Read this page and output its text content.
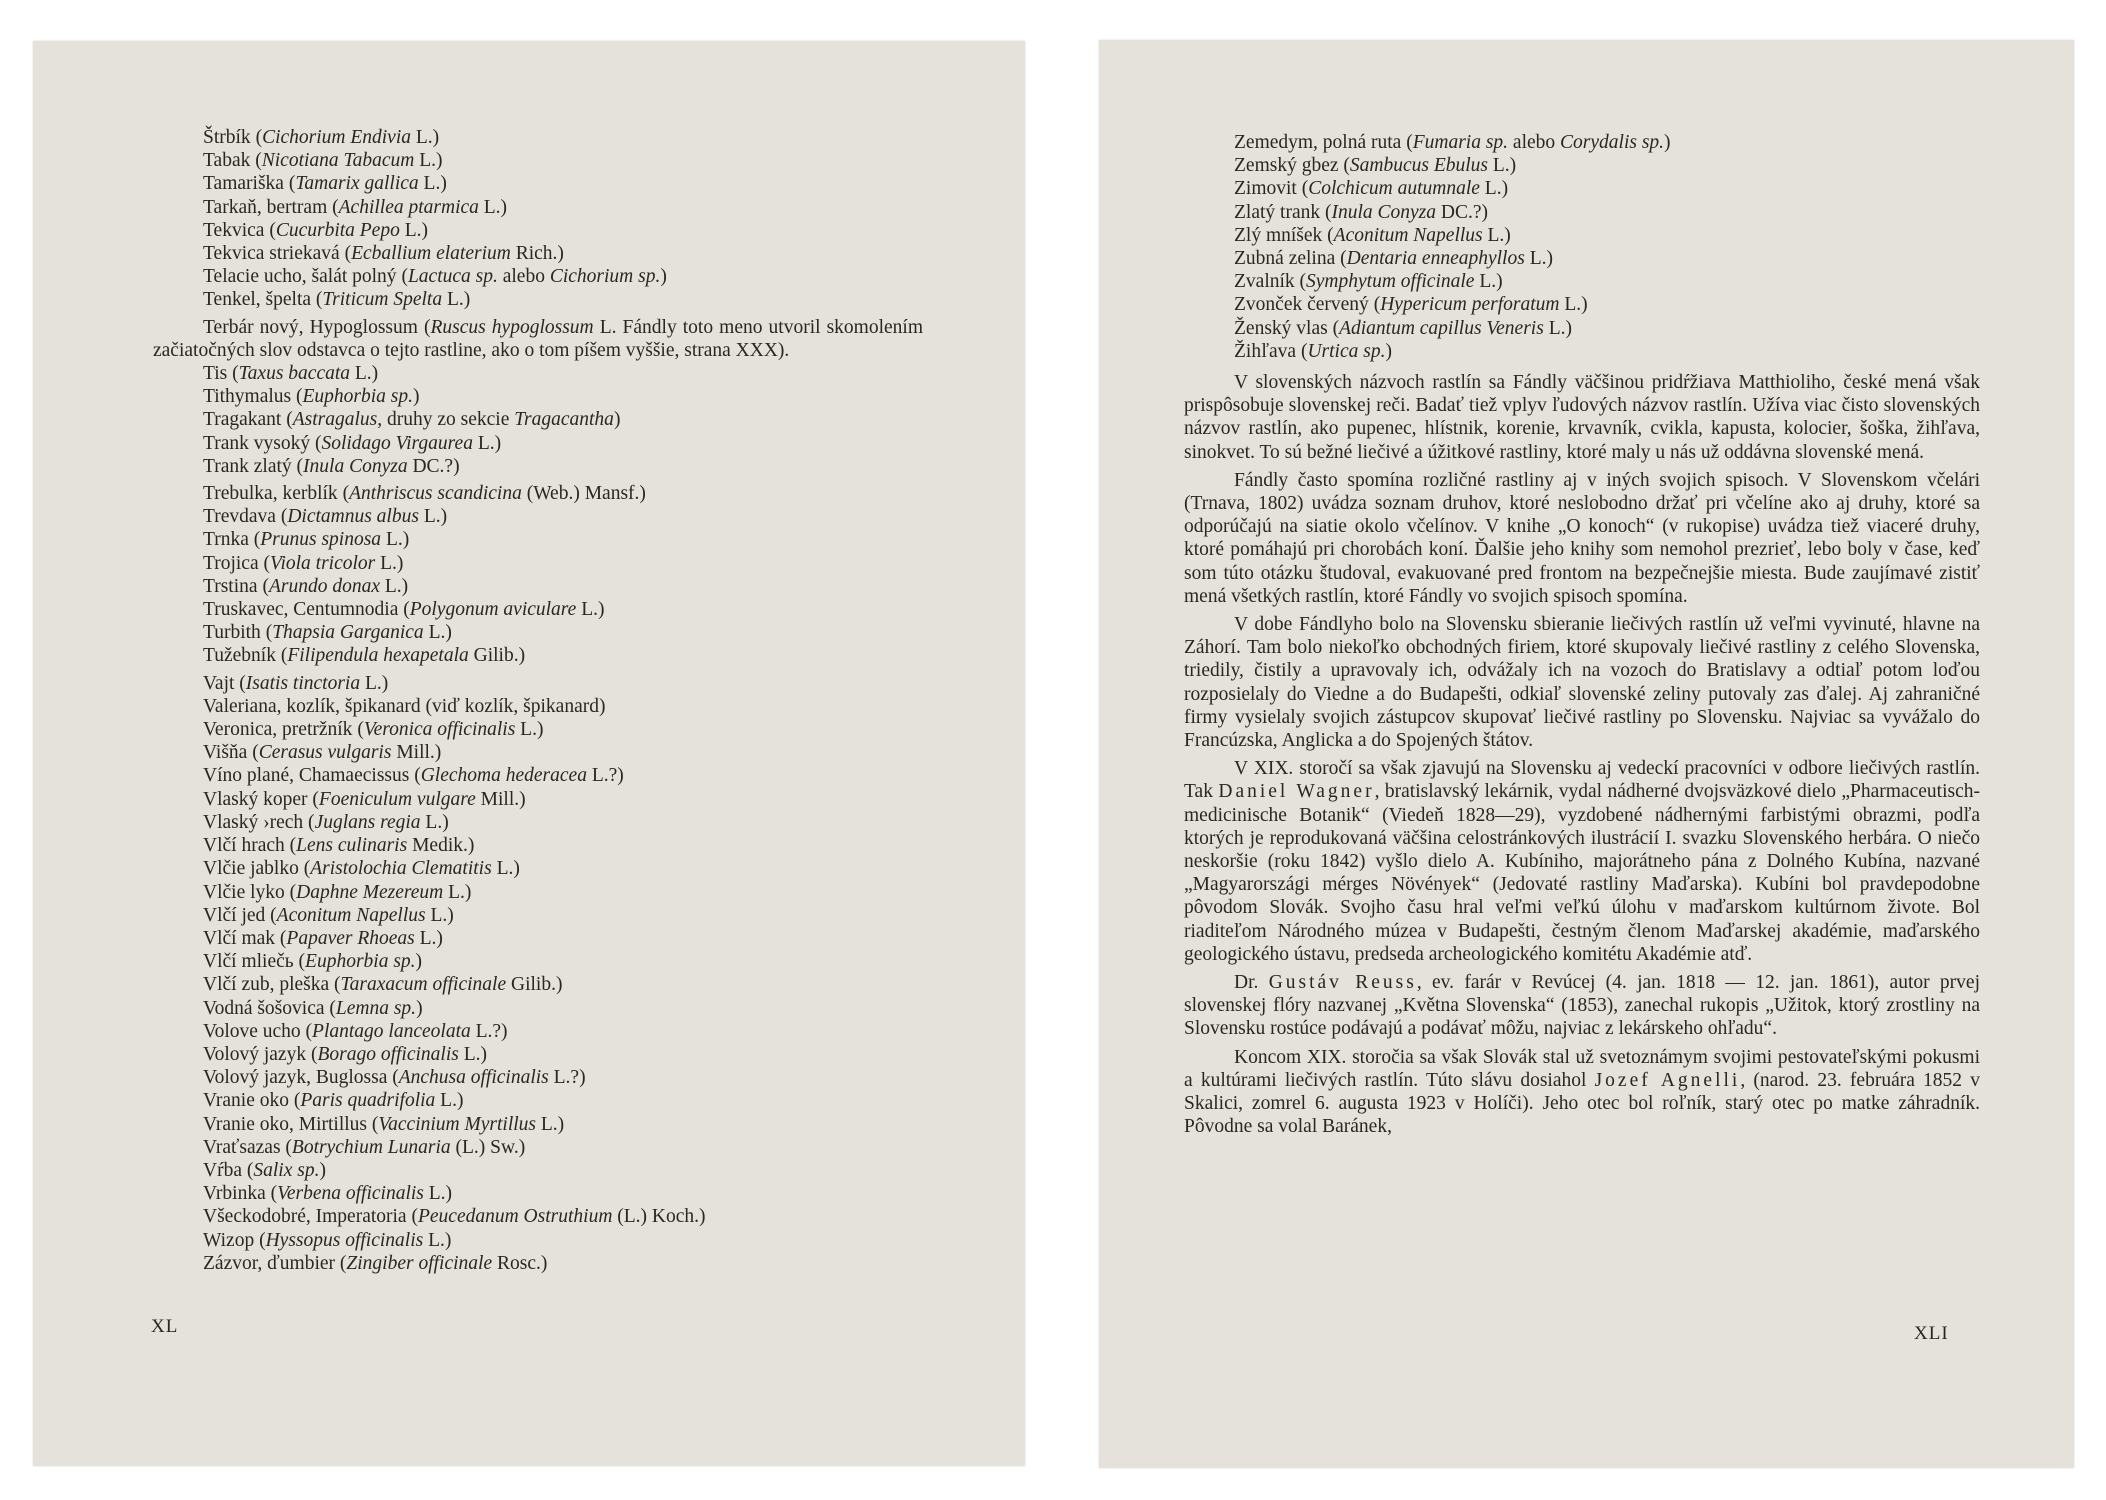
Štrbík (Cichorium Endivia L.)
Tabak (Nicotiana Tabacum L.)
Tamariška (Tamarix gallica L.)
Tarkaň, bertram (Achillea ptarmica L.)
Tekvica (Cucurbita Pepo L.)
Tekvica striekavá (Ecballium elaterium Rich.)
Telacie ucho, šalát polný (Lactuca sp. alebo Cichorium sp.)
Tenkel, špelta (Triticum Spelta L.)
Terbár nový, Hypoglossum (Ruscus hypoglossum L. Fándly toto meno utvoril skomolením začiatočných slov odstavca o tejto rastline, ako o tom píšem vyššie, strana XXX).
Tis (Taxus baccata L.)
Tithymalus (Euphorbia sp.)
Tragakant (Astragalus, druhy zo sekcie Tragacantha)
Trank vysoký (Solidago Virgaurea L.)
Trank zlatý (Inula Conyza DC.?)
Trebulka, kerblík (Anthriscus scandicina (Web.) Mansf.)
Trevdava (Dictamnus albus L.)
Trnka (Prunus spinosa L.)
Trojica (Viola tricolor L.)
Trstina (Arundo donax L.)
Truskavec, Centumnodia (Polygonum aviculare L.)
Turbith (Thapsia Garganica L.)
Tužebník (Filipendula hexapetala Gilib.)
Vajt (Isatis tinctoria L.)
Valeriana, kozlík, špikanard (viď kozlík, špikanard)
Veronica, pretržník (Veronica officinalis L.)
Višňa (Cerasus vulgaris Mill.)
Víno plané, Chamaecissus (Glechoma hederacea L.?)
Vlaský koper (Foeniculum vulgare Mill.)
Vlaský ›rech (Juglans regia L.)
Vlčí hrach (Lens culinaris Medik.)
Vlčie jablko (Aristolochia Clematitis L.)
Vlčie lyko (Daphne Mezereum L.)
Vlčí jed (Aconitum Napellus L.)
Vlčí mak (Papaver Rhoeas L.)
Vlčí mliečь (Euphorbia sp.)
Vlčí zub, pleška (Taraxacum officinale Gilib.)
Vodná šošovica (Lemna sp.)
Volove ucho (Plantago lanceolata L.?)
Volový jazyk (Borago officinalis L.)
Volový jazyk, Buglossa (Anchusa officinalis L.?)
Vranie oko (Paris quadrifolia L.)
Vranie oko, Mirtillus (Vaccinium Myrtillus L.)
Vraťsazas (Botrychium Lunaria (L.) Sw.)
Vŕba (Salix sp.)
Vrbinka (Verbena officinalis L.)
Všeckodobré, Imperatoria (Peucedanum Ostruthium (L.) Koch.)
Wizop (Hyssopus officinalis L.)
Zázvor, ďumbier (Zingiber officinale Rosc.)
XL
Zemedym, polná ruta (Fumaria sp. alebo Corydalis sp.)
Zemský gbez (Sambucus Ebulus L.)
Zimovit (Colchicum autumnale L.)
Zlatý trank (Inula Conyza DC.?)
Zlý mníšek (Aconitum Napellus L.)
Zubná zelina (Dentaria enneaphyllos L.)
Zvalník (Symphytum officinale L.)
Zvonček červený (Hypericum perforatum L.)
Ženský vlas (Adiantum capillus Veneris L.)
Žihľava (Urtica sp.)

V slovenských názvoch rastlín sa Fándly väčšinou pridŕžiava Matthioliho, české mená však prispôsobuje slovenskej reči. Badať tiež vplyv ľudových názvov rastlín. Užíva viac čisto slovenských názvov rastlín, ako pupenec, hlístnik, korenie, krvavník, cvikla, kapusta, kolocier, šoška, žihľava, sinokvet. To sú bežné liečivé a úžitkové rastliny, ktoré maly u nás už oddávna slovenské mená.

Fándly často spomína rozličné rastliny aj v iných svojich spisoch. V Slovenskom včelári (Trnava, 1802) uvádza soznam druhov, ktoré neslobodno držať pri včelíne ako aj druhy, ktoré sa odporúčajú na siatie okolo včelínov. V knihe „O konoch“ (v rukopise) uvádza tiež viaceré druhy, ktoré pomáhajú pri chorobách koní. Ďalšie jeho knihy som nemohol prezrieť, lebo boly v čase, keď som túto otázku študoval, evakuované pred frontom na bezpečnejšie miesta. Bude zaujímavé zistiť mená všetkých rastlín, ktoré Fándly vo svojich spisoch spomína.

V dobe Fándlyho bolo na Slovensku sbieranie liečivých rastlín už veľmi vyvinuté, hlavne na Záhorí. Tam bolo niekoľko obchodných firiem, ktoré skupovaly liečivé rastliny z celého Slovenska, triedily, čistily a upravovaly ich, odvážaly ich na vozoch do Bratislavy a odtiaľ potom loďou rozposielaly do Viedne a do Budapešti, odkiaľ slovenské zeliny putovaly zas ďalej. Aj zahraničné firmy vysielaly svojich zástupcov skupovať liečivé rastliny po Slovensku. Najviac sa vyvážalo do Francúzska, Anglicka a do Spojených štátov.

V XIX. storočí sa však zjavujú na Slovensku aj vedeckí pracovníci v odbore liečivých rastlín. Tak Daniel Wagner, bratislavský lekárnik, vydal nádherné dvojsväzkové dielo „Pharmaceutisch-medicinische Botanik“ (Viedeň 1828—29), vyzdobené nádhernými farbistými obrazmi, podľa ktorých je reprodukovaná väčšina celostránkových ilustrácií I. svazku Slovenského herbára. O niečo neskoršie (roku 1842) vyšlo dielo A. Kubíniho, majorátneho pána z Dolného Kubína, nazvané „Magyarországi mérges Növények“ (Jedovaté rastliny Maďarska). Kubíni bol pravdepodobne pôvodom Slovák. Svojho času hral veľmi veľkú úlohu v maďarskom kultúrnom živote. Bol riaditeľom Národného múzea v Budapešti, čestným členom Maďarskej akadémie, maďarského geologického ústavu, predseda archeologického komitétu Akadémie atď.

Dr. Gustáv Reuss, ev. farár v Revúcej (4. jan. 1818 — 12. jan. 1861), autor prvej slovenskej flóry nazvanej „Května Slovenska“ (1853), zanechal rukopis „Užitok, ktorý zrostliny na Slovensku rostúce podávajú a podávať môžu, najviac z lekárskeho ohľadu“.

Koncom XIX. storočia sa však Slovák stal už svetoznámym svojimi pestovateľskými pokusmi a kultúrami liečivých rastlín. Túto slávu dosiahol Jozef Agnelli, (narod. 23. februára 1852 v Skalici, zomrel 6. augusta 1923 v Holíči). Jeho otec bol roľník, starý otec po matke záhradník. Pôvodne sa volal Baránek,

XLI
